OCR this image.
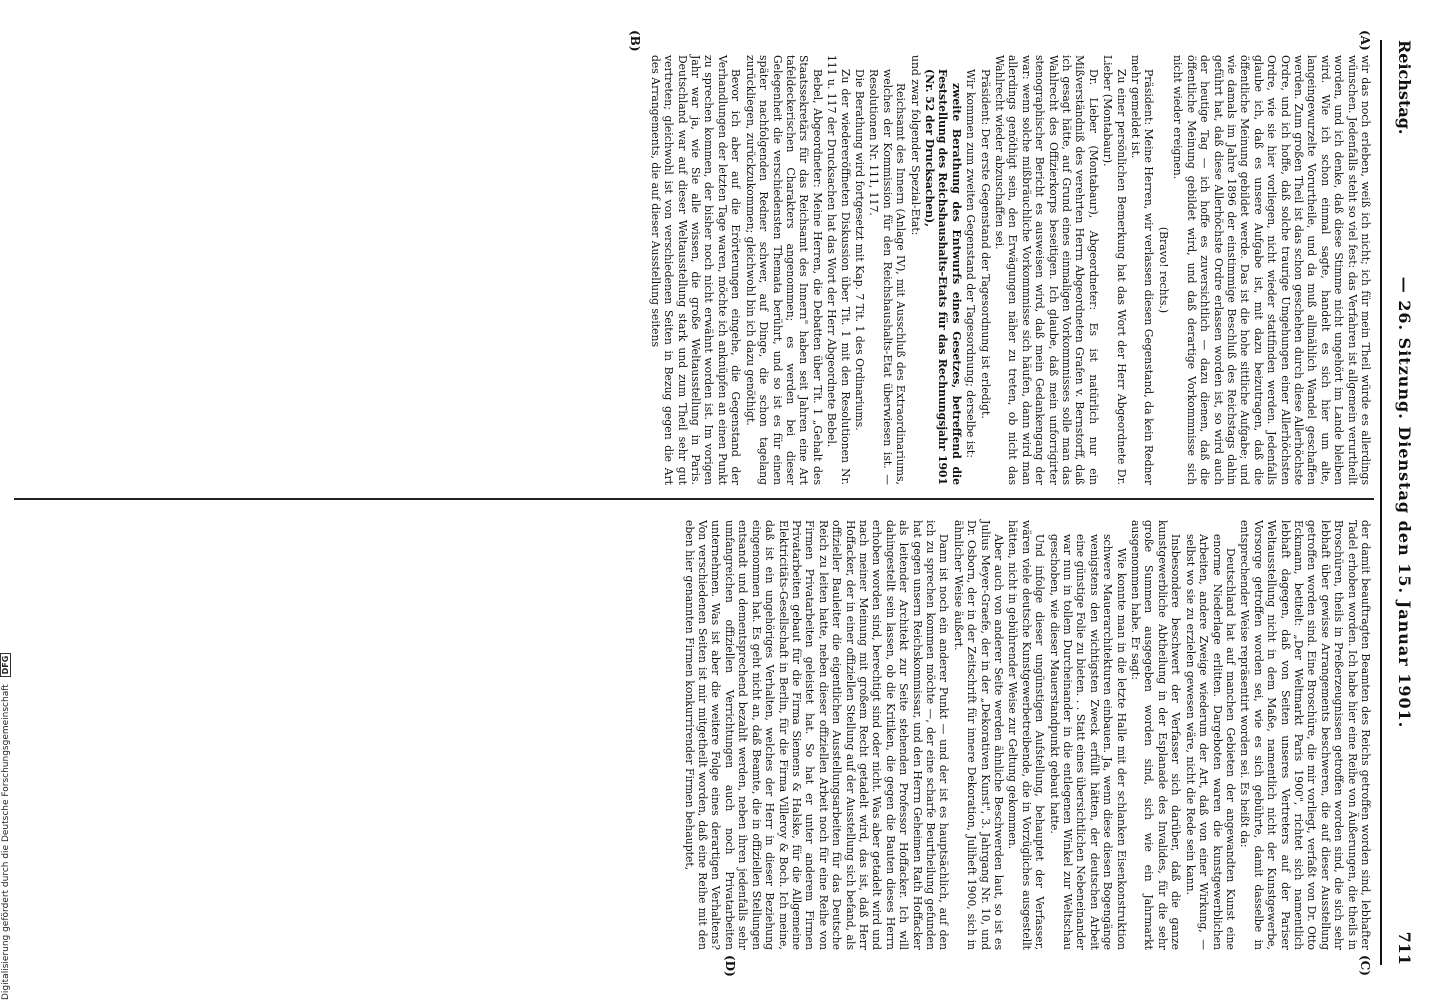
Reichstag.
— 26. Sitzung. Dienstag den 15. Januar 1901.
711
(A)
(B)
(C)
(D)

wir das noch erleben, weiß ich nicht; ich für mein Theil würde es allerdings wünschen. Jedenfalls steht so viel fest: das Verfahren ist allgemein verurtheilt worden, und ich denke, daß diese Stimme nicht ungehört im Lande bleiben wird. Wie ich schon einmal sagte, handelt es sich hier um alte, langeingewurzelte Vorurtheile, und da muß allmählich Wandel geschaffen werden. Zum großen Theil ist das schon geschehen durch diese Allerhöchste Ordre, und ich hoffe, daß solche traurige Umgehungen einer Allerhöchsten Ordre, wie sie hier vorliegen, nicht wieder stattfinden werden. Jedenfalls glaube ich, daß es unsere Aufgabe ist, mit dazu beizutragen, daß die öffentliche Meinung gebildet werde. Das ist die hohe sittliche Aufgabe; und wie damals im Jahre 1896 der einstimmige Beschluß des Reichstags dahin geführt hat, daß diese Allerhöchste Ordre erlassen worden ist, so wird auch der heutige Tag — ich hoffe es zuversichtlich — dazu dienen, daß die öffentliche Meinung gebildet wird, und daß derartige Vorkommnisse sich nicht wieder ereignen.

(Bravo! rechts.)

Präsident: Meine Herren, wir verlassen diesen Gegenstand, da kein Redner mehr gemeldet ist.

Zu einer persönlichen Bemerkung hat das Wort der Herr Abgeordnete Dr. Lieber (Montabaur).

Dr. Lieber (Montabaur), Abgeordneter: Es ist natürlich nur ein Mißverständniß des verehrten Herrn Abgeordneten Grafen v. Bernstorff, daß ich gesagt hätte, auf Grund eines einmaligen Vorkommnisses solle man das Wahlrecht des Offizierkorps beseitigen. Ich glaube, daß mein unforrigirter stenographischer Bericht es ausweisen wird, daß mein Gedankengang der war: wenn solche mißbräuchliche Vorkommnisse sich häufen, dann wird man allerdings genöthigt sein, den Erwägungen näher zu treten, ob nicht das Wahlrecht wieder abzuschaffen sei.

Präsident: Der erste Gegenstand der Tagesordnung ist erledigt.

Wir kommen zum zweiten Gegenstand der Tagesordnung; derselbe ist:

zweite Berathung des Entwurfs eines Gesetzes, betreffend die Feststellung des Reichshaushalts-Etats für das Rechnungsjahr 1901 (Nr. 52 der Drucksachen),

und zwar folgender Spezial-Etat:

Reichsamt des Innern (Anlage IV), mit Ausschluß des Extraordinariums, welches der Kommission für den Reichshaushalts-Etat überwiesen ist. — Resolutionen Nr. 111, 117.

Die Berathung wird fortgesetzt mit Kap. 7 Tit. 1 des Ordinariums.

Zu der wiedereröffneten Diskussion über Tit. 1 mit den Resolutionen Nr. 111 u. 117 der Drucksachen hat das Wort der Herr Abgeordnete Bebel.

Bebel, Abgeordneter: Meine Herren, die Debatten über Tit. 1 „Gehalt des Staatssekretärs für das Reichsamt des Innern" haben seit Jahren eine Art tafeldeckerischen Charakters angenommen; es werden bei dieser Gelegenheit die verschiedensten Themata berührt, und so ist es für einen später nachfolgenden Redner schwer, auf Dinge, die schon tagelang zurückliegen, zurückzukommen; gleichwohl bin ich dazu genöthigt.

Bevor ich aber auf die Erörterungen eingehe, die Gegenstand der Verhandlungen der letzten Tage waren, möchte ich anknüpfen an einen Punkt zu sprechen kommen, der bisher noch nicht erwähnt worden ist. Im vorigen Jahr war ja, wie Sie alle wissen, die große Weltausstellung in Paris. Deutschland war auf dieser Weltausstellung stark und zum Theil sehr gut vertreten; gleichwohl ist von verschiedenen Seiten in Bezug gegen die Art des Arrangements, die auf dieser Ausstellung seitens

der damit beauftragten Beamten des Reichs getroffen worden sind, lebhafter Tadel erhoben worden. Ich habe hier eine Reihe von Äußerungen, die theils in Broschüren, theils in Preßerzeugnissen getroffen worden sind, die sich sehr lebhaft über gewisse Arrangements beschweren, die auf dieser Ausstellung getroffen worden sind. Eine Broschüre, die mir vorliegt, verfaßt von Dr. Otto Eckmann, betitelt: „Der Weltmarkt Paris 1900", richtet sich namentlich lebhaft dagegen, daß von Seiten unseres Vertreters auf der Pariser Weltausstellung nicht in dem Maße, namentlich nicht der Kunstgewerbe, Vorsorge getroffen worden sei, wie es sich gebührte, damit dasselbe in entsprechender Weise repräsentirt worden sei. Es heißt da:

Deutschland hat auf manchen Gebieten der angewandten Kunst eine enorme Niederlage erlitten. Dargeboten waren die kunstgewerblichen Arbeiten, andere Zweige wiederum der Art, daß von einer Wirkung, — selbst wo sie zu erzielen gewesen wäre, nicht die Rede sein kann.

Insbesondere beschwert der Verfasser sich darüber, daß die ganze kunstgewerbliche Abtheilung in der Esplanade des Invalides, für die sehr große Summen ausgegeben worden sind, sich wie ein Jahrmarkt ausgenommen habe. Er sagt:

Wie konnte man in die letzte Halle mit der schlanken Eisenkonstruktion schwere Mauerarchitekturen einbauen. Ja, wenn diese diesen Bogengänge wenigstens den wichtigsten Zweck erfüllt hätten, der deutschen Arbeit eine günstige Folie zu bieten. . . Statt eines übersichtlichen Nebeneinander war nun in tollem Durcheinander in die entlegenen Winkel zur Weltschau geschoben, wie dieser Mauerstandpunkt gebaut hatte.

Und infolge dieser ungünstigen Aufstellung, behauptet der Verfasser, wären viele deutsche Kunstgewerbetreibende, die in Vorzügliches ausgestellt hätten, nicht in gebührender Weise zur Geltung gekommen.

Aber auch von anderer Seite werden ähnliche Beschwerden laut, so ist es Julius Meyer-Graefe, der in der „Dekorativen Kunst", 3. Jahrgang Nr. 10, und Dr. Osborn, der in der Zeitschrift für innere Dekoration, Juliheft 1900, sich in ähnlicher Weise äußert.

Dann ist noch ein anderer Punkt — und der ist es hauptsächlich, auf den ich zu sprechen kommen möchte —, der eine scharfe Beurtheilung gefunden hat gegen unsern Reichskommissar, und den Herrn Geheimen Rath Hoffacker als leitender Architekt zur Seite stehenden Professor Hoffacker. Ich will dahingestellt sein lassen, ob die Kritiken, die gegen die Bauten dieses Herrn erhoben worden sind, berechtigt sind oder nicht. Was aber getadelt wird und nach meiner Meinung mit großem Recht getadelt wird, das ist, daß Herr Hoffacker, der in einer offiziellen Stellung auf der Ausstellung sich befand, als offizieller Bauleiter die eigentlichen Ausstellungsarbeiten für das Deutsche Reich zu leiten hatte, neben dieser offiziellen Arbeit noch für eine Reihe von Firmen Privatarbeiten geleistet hat. So hat er unter anderem Firmen Privatarbeiten gebaut für die Firma Siemens & Halske, für die Allgemeine Elektricitäts-Gesellschaft in Berlin, für die Firma Villeroy & Boch. Ich meine, daß ist ein ungehöriges Verhalten, welches der Herr in dieser Beziehung eingenommen hat. Es geht nicht an, daß Beamte, die in offiziellen Stellungen entsandt und dementsprechend bezahlt werden, neben ihren jedenfalls sehr umfangreichen offiziellen Verrichtungen auch noch Privatarbeiten unternehmen. Was ist aber die weitere Folge eines derartigen Verhaltens? Von verschiedenen Seiten ist mir mitgetheilt worden, daß eine Reihe mit den eben hier genannten Firmen konkurrirender Firmen behauptet,

Digitalisierung gefördert durch die Deutsche Forschungsgemeinschaft DFG
